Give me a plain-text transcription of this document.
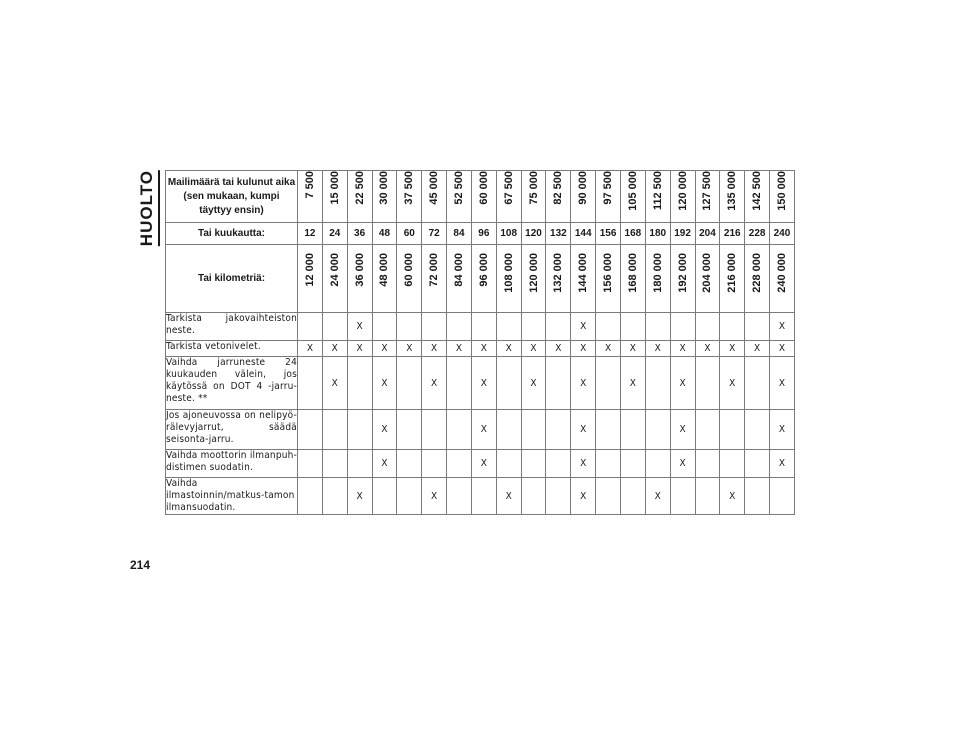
HUOLTO	Mailimäärä tai kulunut aika (sen mukaan, kumpi täyttyy ensin)	7 500	15 000	22 500	30 000	37 500	45 000	52 500	60 000	67 500	75 000	82 500	90 000	97 500	105 000	112 500	120 000	127 500	135 000	142 500	150 000
Tai kuukautta:	12	24	36	48	60	72	84	96	108	120	132	144	156	168	180	192	204	216	228	240
Tai kilometriä:	12 000	24 000	36 000	48 000	60 000	72 000	84 000	96 000	108 000	120 000	132 000	144 000	156 000	168 000	180 000	192 000	204 000	216 000	228 000	240 000
Tarkista jakovaihteiston neste.			X									X								X
Tarkista vetonivelet.	X	X	X	X	X	X	X	X	X	X	X	X	X	X	X	X	X	X	X	X
Vaihda jarruneste 24 kuukauden välein, jos käytössä on DOT 4 -jarru-neste. **		X		X		X		X		X		X		X		X		X		X
Jos ajoneuvossa on nelipyö-rälevyjarrut, säädä seisonta-jarru.				X				X				X				X				X
Vaihda moottorin ilmanpuh-distimen suodatin.				X				X				X				X				X
Vaihda ilmastoinnin/matkus-tamon ilmansuodatin.			X			X			X			X			X			X		
214
